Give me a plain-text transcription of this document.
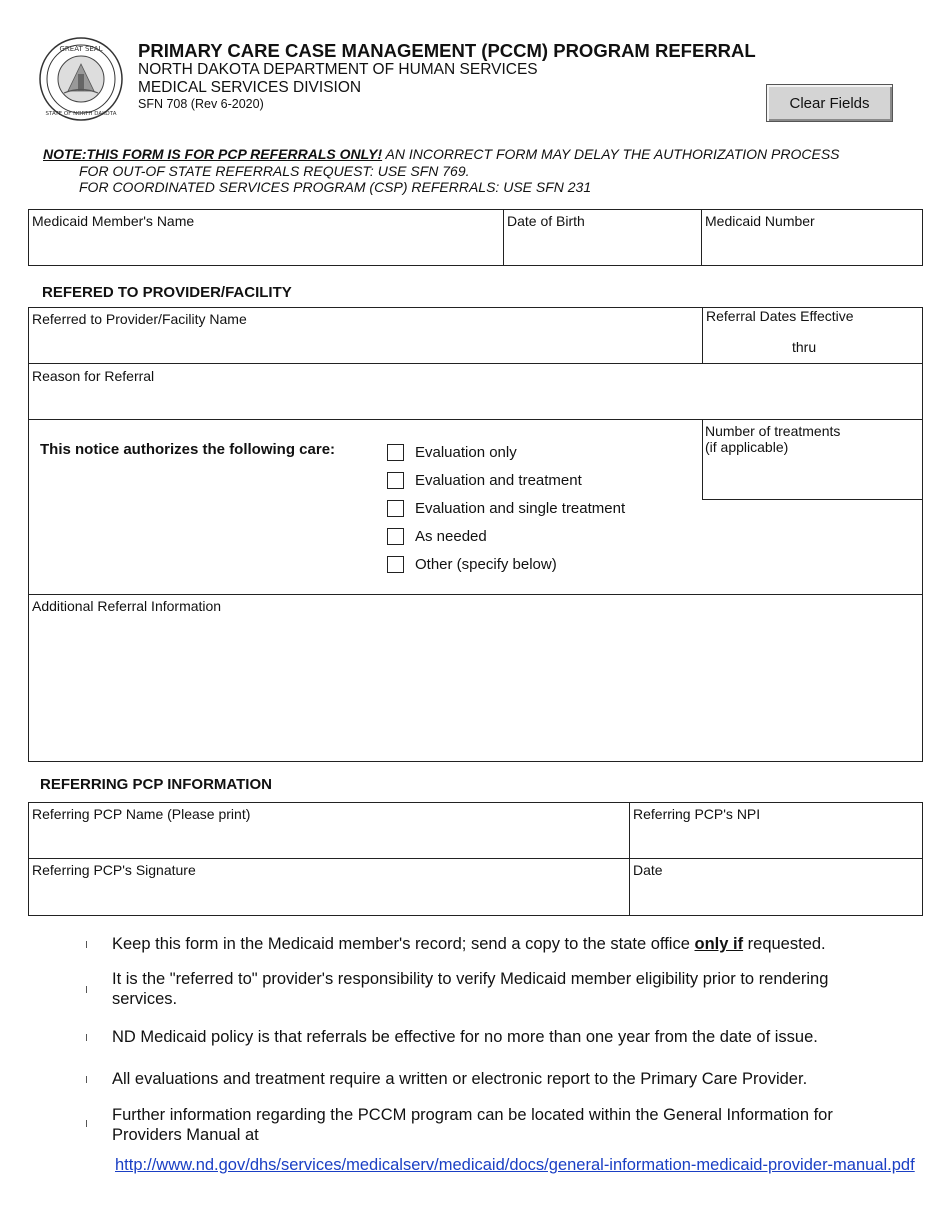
GREAT SEAL
STATE OF NORTH DAKOTA
PRIMARY CARE CASE MANAGEMENT (PCCM) PROGRAM REFERRAL
NORTH DAKOTA DEPARTMENT OF HUMAN SERVICES
MEDICAL SERVICES DIVISION
SFN 708 (Rev 6-2020)	Clear Fields
NOTE:THIS FORM IS FOR PCP REFERRALS ONLY! AN INCORRECT FORM MAY DELAY THE AUTHORIZATION PROCESS
FOR OUT-OF STATE REFERRALS REQUEST: USE SFN 769.
FOR COORDINATED SERVICES PROGRAM (CSP) REFERRALS: USE SFN 231
Medicaid Member's Name	Date of Birth	Medicaid Number
REFERED TO PROVIDER/FACILITY
Referred to Provider/Facility Name	Referral Dates Effective
thru
Reason for Referral
This notice authorizes the following care:
Number of treatments
(if applicable)
Evaluation only
Evaluation and treatment
Evaluation and single treatment
As needed
Other (specify below)
Additional Referral Information
REFERRING PCP INFORMATION
Referring PCP Name (Please print)	Referring PCP's NPI
Referring PCP's Signature	Date
Keep this form in the Medicaid member's record; send a copy to the state office only if requested.
It is the "referred to" provider's responsibility to verify Medicaid member eligibility prior to rendering services.
ND Medicaid policy is that referrals be effective for no more than one year from the date of issue.
All evaluations and treatment require a written or electronic report to the Primary Care Provider.
Further information regarding the PCCM program can be located within the General Information for Providers Manual at
http://www.nd.gov/dhs/services/medicalserv/medicaid/docs/general-information-medicaid-provider-manual.pdf
